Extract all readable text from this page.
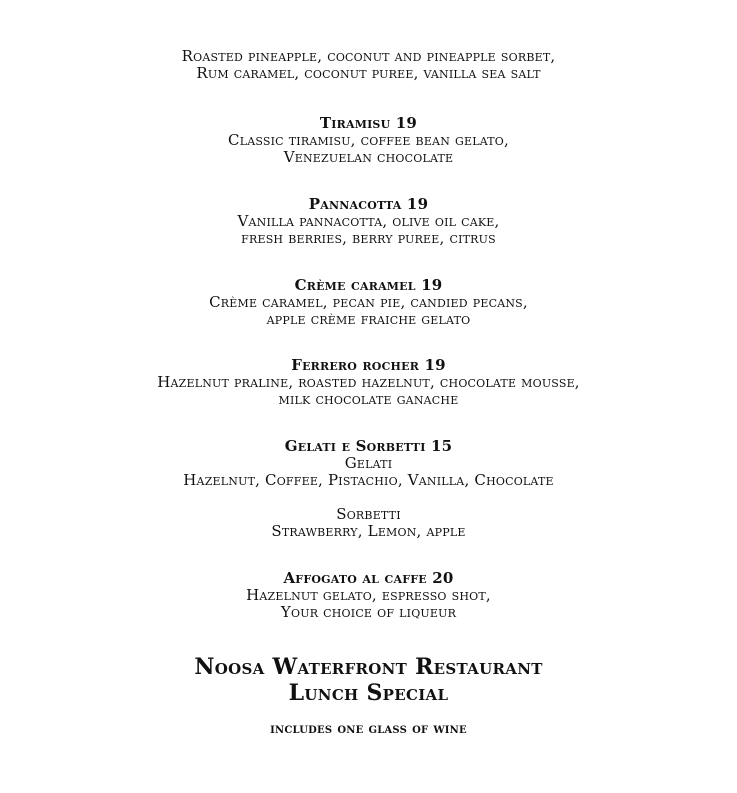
Roasted pineapple, coconut and pineapple sorbet,
Rum caramel, coconut puree, vanilla sea salt
Tiramisu 19
Classic tiramisu, coffee bean gelato,
Venezuelan chocolate
Pannacotta 19
Vanilla pannacotta, olive oil cake,
fresh berries, berry puree, citrus
Crème caramel 19
Crème caramel, pecan pie, candied pecans,
apple crème fraiche gelato
Ferrero rocher 19
Hazelnut praline, roasted hazelnut, chocolate mousse,
milk chocolate ganache
Gelati e Sorbetti 15
Gelati
Hazelnut, Coffee, Pistachio, Vanilla, Chocolate
Sorbetti
Strawberry, Lemon, apple
Affogato al caffe 20
Hazelnut gelato, espresso shot,
Your choice of liqueur
Noosa Waterfront Restaurant
Lunch Special
includes one glass of wine
